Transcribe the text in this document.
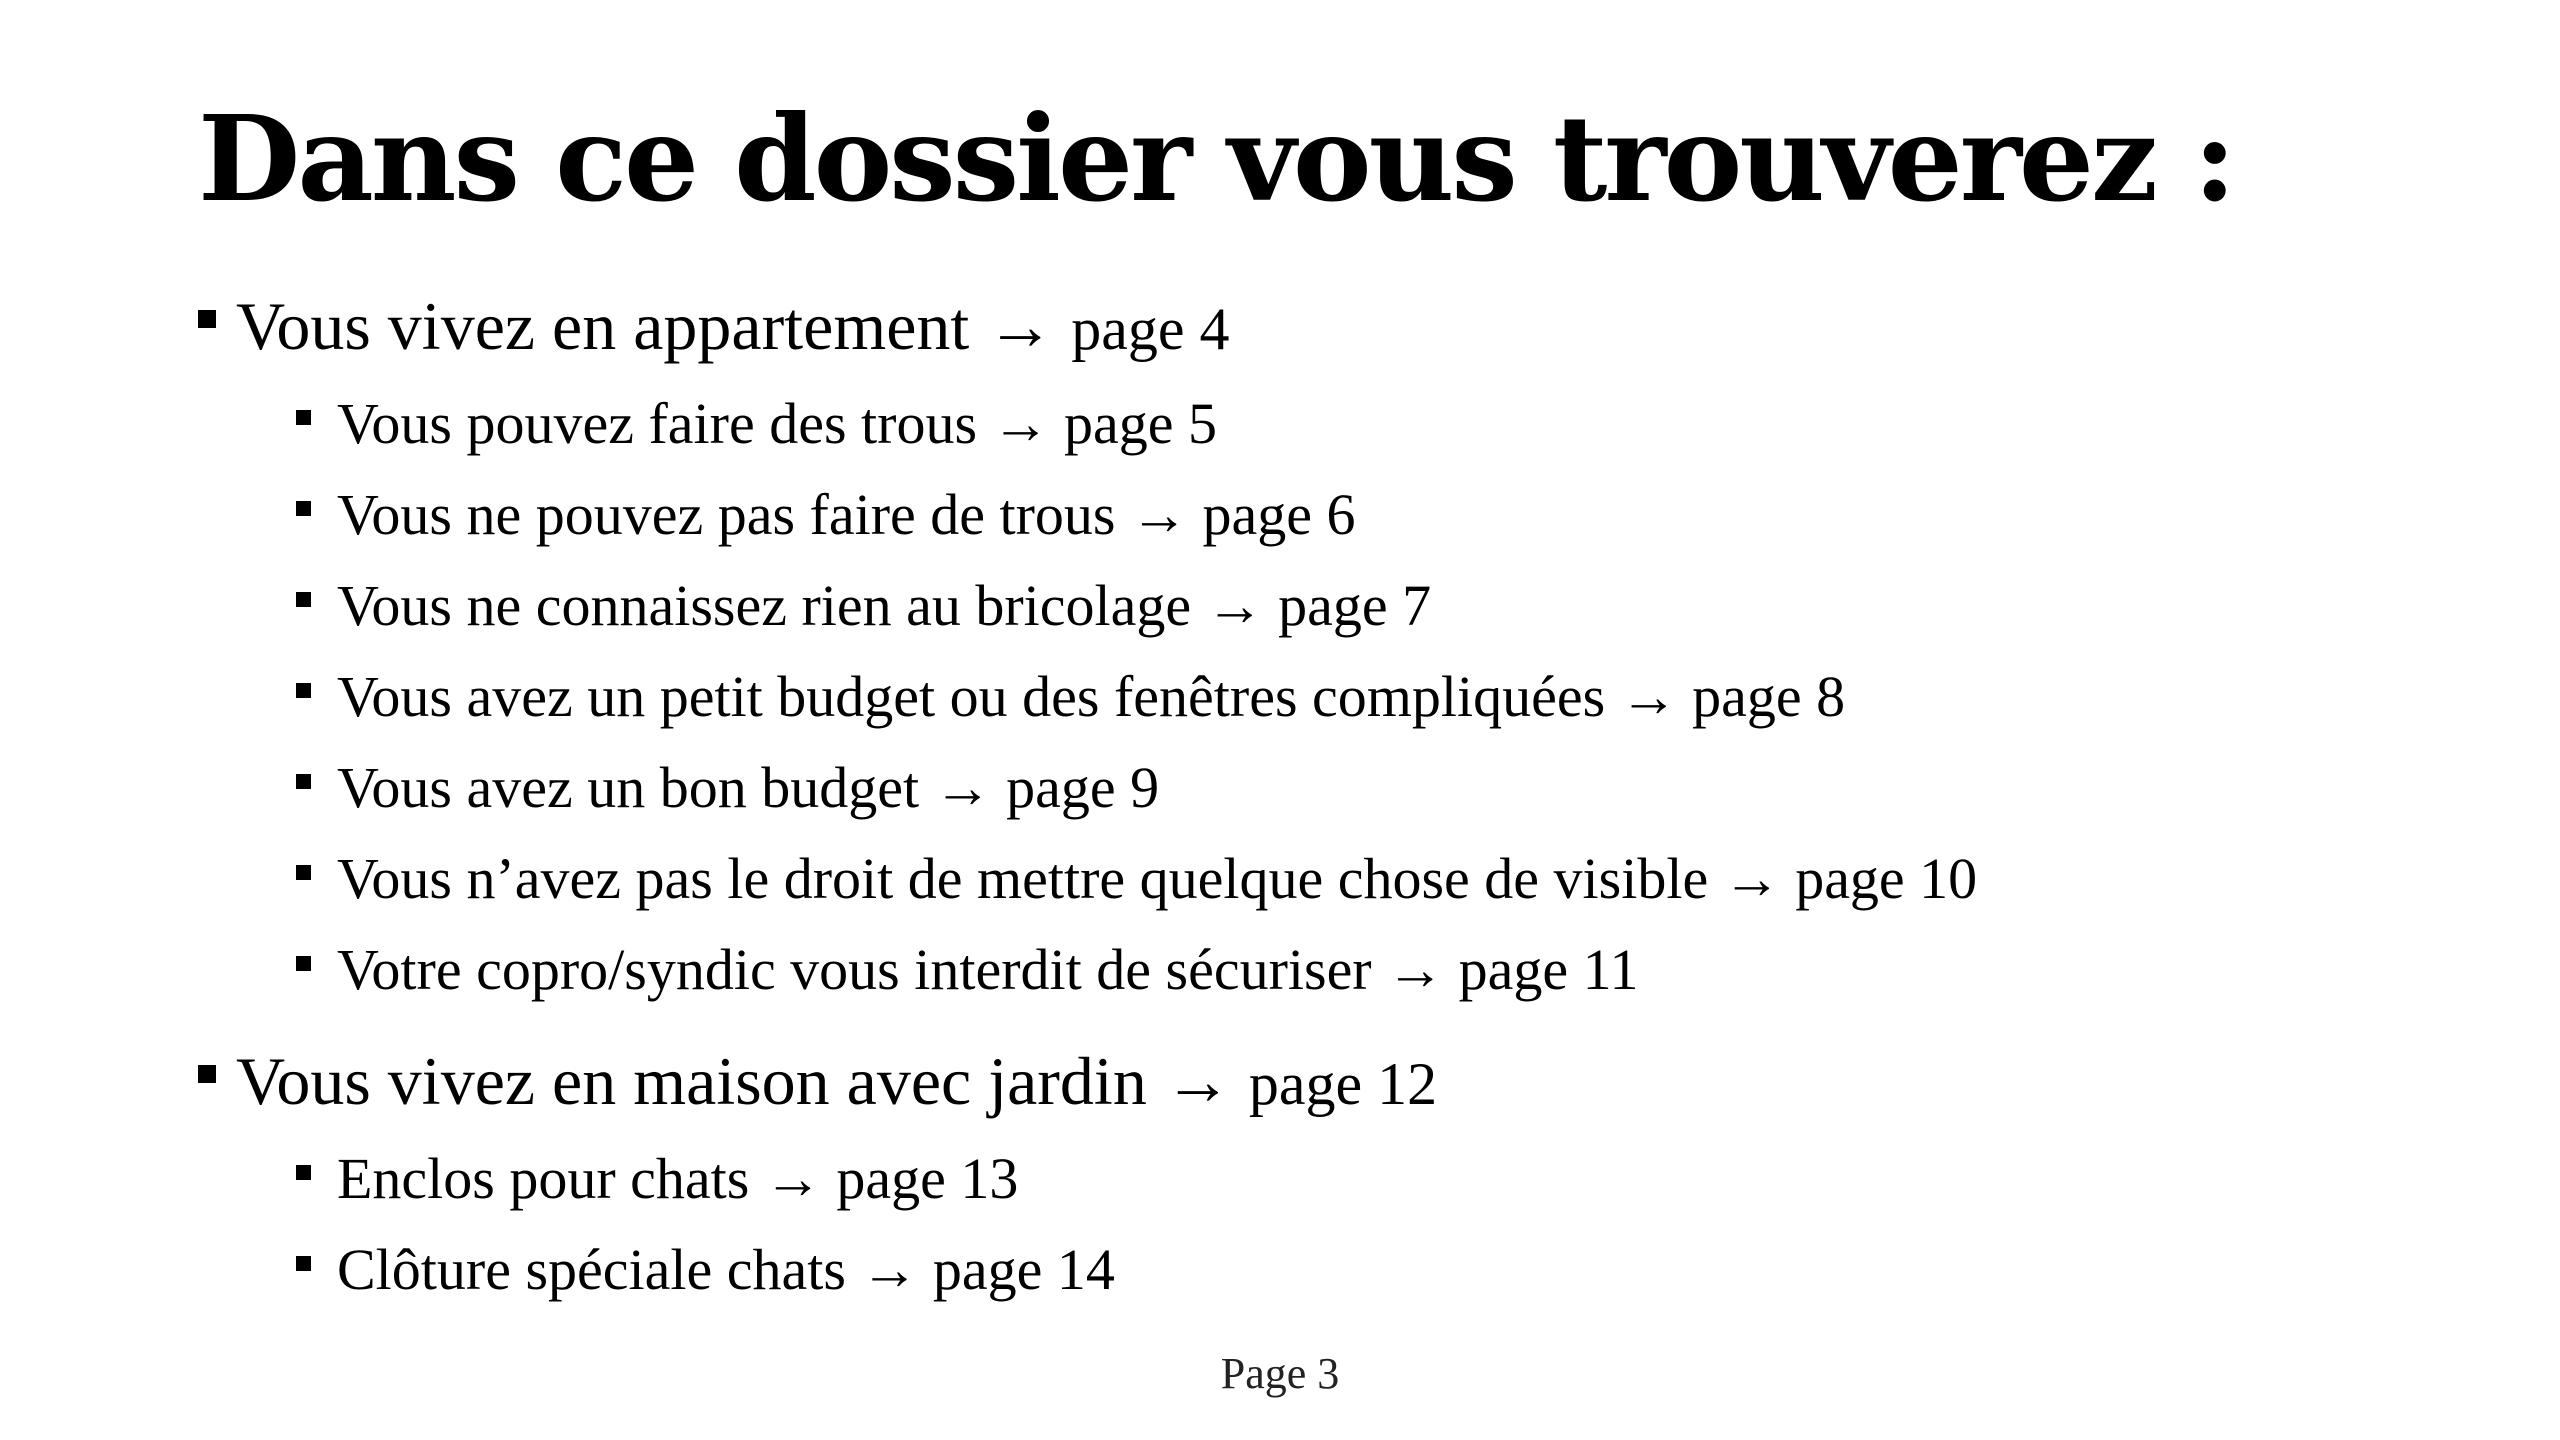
Dans ce dossier vous trouverez :
Vous vivez en appartement → page 4
Vous pouvez faire des trous → page 5
Vous ne pouvez pas faire de trous → page 6
Vous ne connaissez rien au bricolage → page 7
Vous avez un petit budget ou des fenêtres compliquées → page 8
Vous avez un bon budget → page 9
Vous n’avez pas le droit de mettre quelque chose de visible → page 10
Votre copro/syndic vous interdit de sécuriser → page 11
Vous vivez en maison avec jardin → page 12
Enclos pour chats → page 13
Clôture spéciale chats → page 14
Page 3
